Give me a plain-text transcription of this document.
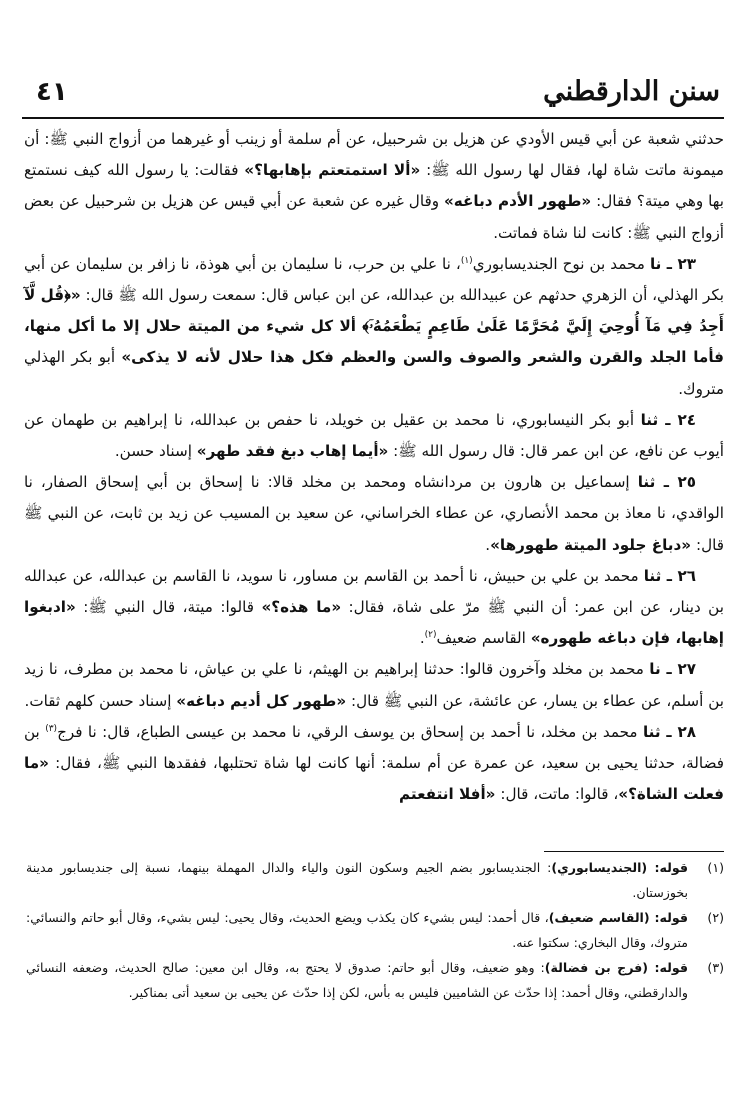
سنن الدارقطني
٤١

حدثني شعبة عن أبي قيس الأودي عن هزيل بن شرحبيل، عن أم سلمة أو زينب أو غيرهما من أزواج النبي ﷺ: أن ميمونة ماتت شاة لها، فقال لها رسول الله ﷺ: «ألا استمتعتم بإهابها؟» فقالت: يا رسول الله كيف نستمتع بها وهي ميتة؟ فقال: «طهور الأدم دباغه» وقال غيره عن شعبة عن أبي قيس عن هزيل بن شرحبيل عن بعض أزواج النبي ﷺ: كانت لنا شاة فماتت.

٢٣ ـ نا محمد بن نوح الجنديسابوري$^{(١)}$، نا علي بن حرب، نا سليمان بن أبي هوذة، نا زافر بن سليمان عن أبي بكر الهذلي، أن الزهري حدثهم عن عبيدالله بن عبدالله، عن ابن عباس قال: سمعت رسول الله ﷺ قال: «﴿قُل لَّآ أَجِدُ فِي مَآ أُوحِيَ إِلَيَّ مُحَرَّمًا عَلَىٰ طَاعِمٍ يَطْعَمُهُۥٓ﴾ ألا كل شيء من الميتة حلال إلا ما أكل منها، فأما الجلد والقرن والشعر والصوف والسن والعظم فكل هذا حلال لأنه لا يذكى» أبو بكر الهذلي متروك.

٢٤ ـ ثنا أبو بكر النيسابوري، نا محمد بن عقيل بن خويلد، نا حفص بن عبدالله، نا إبراهيم بن طهمان عن أيوب عن نافع، عن ابن عمر قال: قال رسول الله ﷺ: «أيما إهاب دبغ فقد طهر» إسناد حسن.

٢٥ ـ ثنا إسماعيل بن هارون بن مردانشاه ومحمد بن مخلد قالا: نا إسحاق بن أبي إسحاق الصفار، نا الواقدي، نا معاذ بن محمد الأنصاري، عن عطاء الخراساني، عن سعيد بن المسيب عن زيد بن ثابت، عن النبي ﷺ قال: «دباغ جلود الميتة طهورها».

٢٦ ـ ثنا محمد بن علي بن حبيش، نا أحمد بن القاسم بن مساور، نا سويد، نا القاسم بن عبدالله، عن عبدالله بن دينار، عن ابن عمر: أن النبي ﷺ مرّ على شاة، فقال: «ما هذه؟» قالوا: ميتة، قال النبي ﷺ: «ادبغوا إهابها، فإن دباغه طهوره» القاسم ضعيف$^{(٢)}$.

٢٧ ـ نا محمد بن مخلد وآخرون قالوا: حدثنا إبراهيم بن الهيثم، نا علي بن عياش، نا محمد بن مطرف، نا زيد بن أسلم، عن عطاء بن يسار، عن عائشة، عن النبي ﷺ قال: «طهور كل أديم دباغه» إسناد حسن كلهم ثقات.

٢٨ ـ ثنا محمد بن مخلد، نا أحمد بن إسحاق بن يوسف الرقي، نا محمد بن عيسى الطباع، قال: نا فرج$^{(٣)}$ بن فضالة، حدثنا يحيى بن سعيد، عن عمرة عن أم سلمة: أنها كانت لها شاة تحتلبها، ففقدها النبي ﷺ، فقال: «ما فعلت الشاة؟»، قالوا: ماتت، قال: «أفلا انتفعتم

(١)
قوله: (الجنديسابوري): الجنديسابور بضم الجيم وسكون النون والياء والدال المهملة بينهما، نسبة إلى جنديسابور مدينة بخوزستان.

(٢)
قوله: (القاسم ضعيف)، قال أحمد: ليس بشيء كان يكذب ويضع الحديث، وقال يحيى: ليس بشيء، وقال أبو حاتم والنسائي: متروك، وقال البخاري: سكتوا عنه.

(٣)
قوله: (فرج بن فضالة): وهو ضعيف، وقال أبو حاتم: صدوق لا يحتج به، وقال ابن معين: صالح الحديث، وضعفه النسائي والدارقطني، وقال أحمد: إذا حدّث عن الشاميين فليس به بأس، لكن إذا حدّث عن يحيى بن سعيد أتى بمناكير.
